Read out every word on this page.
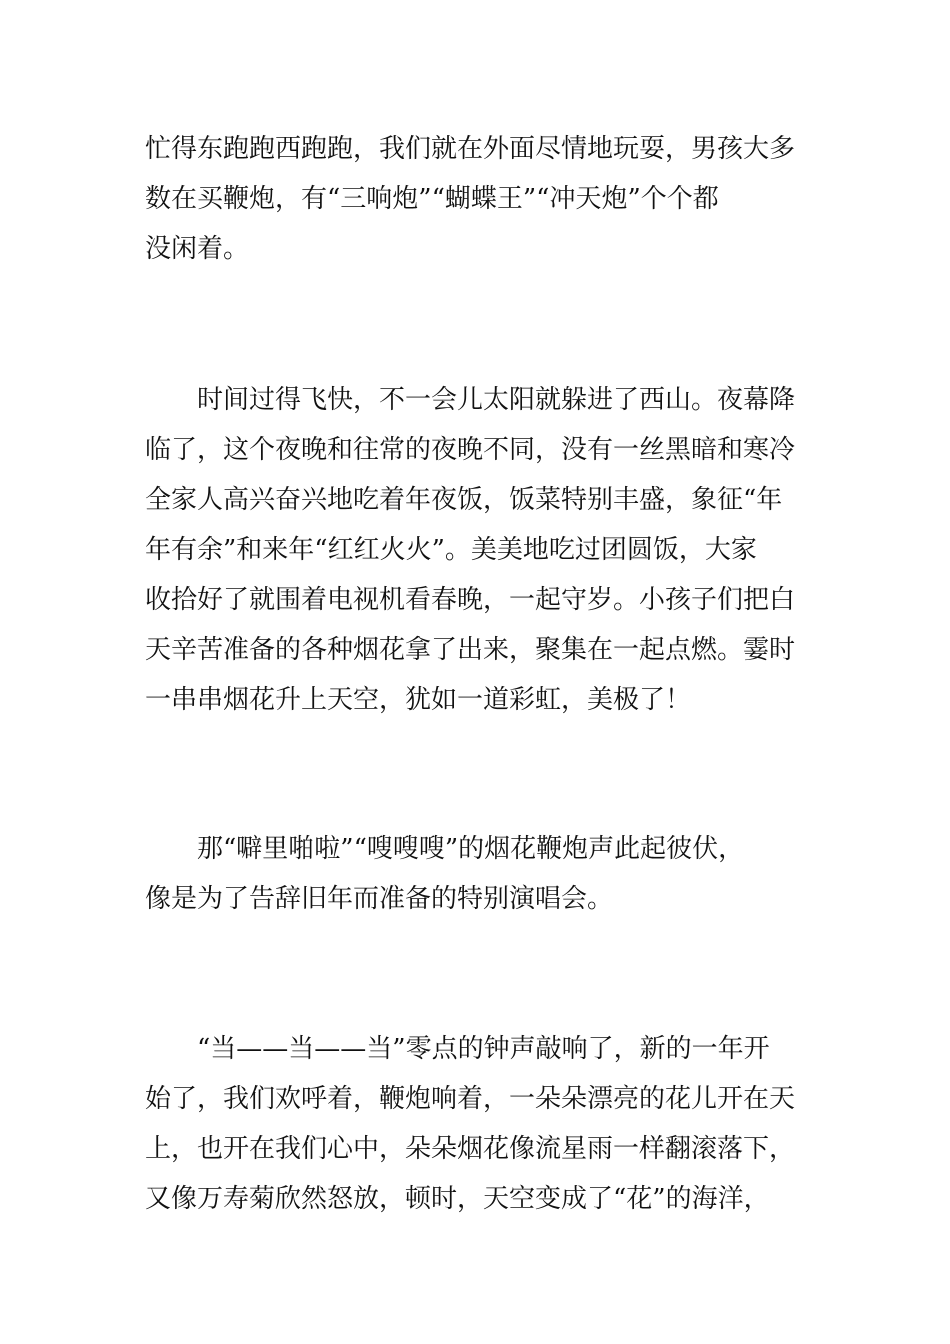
忙得东跑跑西跑跑，我们就在外面尽情地玩耍，男孩大多
数在买鞭炮，有“三响炮”“蝴蝶王”“冲天炮”个个都
没闲着。
时间过得飞快，不一会儿太阳就躲进了西山。夜幕降
临了，这个夜晚和往常的夜晚不同，没有一丝黑暗和寒冷
全家人高兴奋兴地吃着年夜饭，饭菜特别丰盛，象征“年
年有余”和来年“红红火火”。美美地吃过团圆饭，大家
收拾好了就围着电视机看春晚，一起守岁。小孩子们把白
天辛苦准备的各种烟花拿了出来，聚集在一起点燃。霎时
一串串烟花升上天空，犹如一道彩虹，美极了！
那“噼里啪啦”“嗖嗖嗖”的烟花鞭炮声此起彼伏，
像是为了告辞旧年而准备的特别演唱会。
“当——当——当”零点的钟声敲响了，新的一年开
始了，我们欢呼着，鞭炮响着，一朵朵漂亮的花儿开在天
上，也开在我们心中，朵朵烟花像流星雨一样翻滚落下，
又像万寿菊欣然怒放，顿时，天空变成了“花”的海洋，
